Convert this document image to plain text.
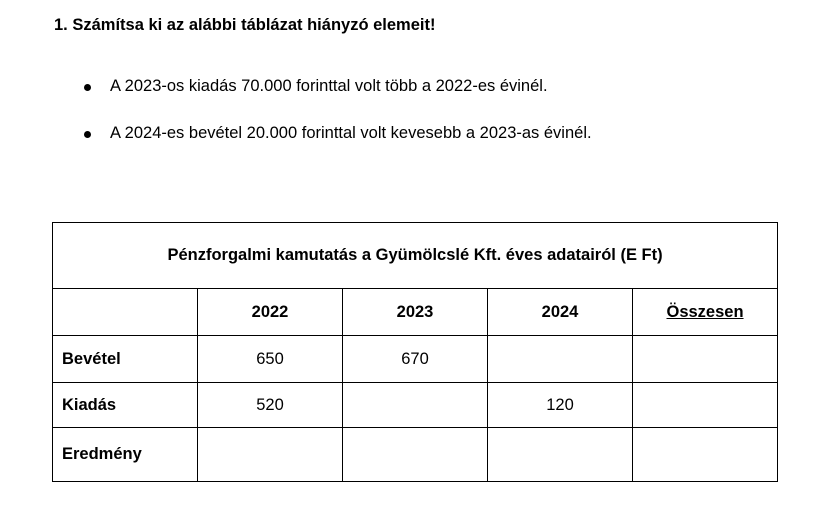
1. Számítsa ki az alábbi táblázat hiányzó elemeit!
A 2023-os kiadás 70.000 forinttal volt több a 2022-es évinél.
A 2024-es bevétel 20.000 forinttal volt kevesebb a 2023-as évinél.
Pénzforgalmi kamutatás a Gyümölcslé Kft. éves adatairól (E Ft)				
	2022	2023	2024	Összesen
Bevétel	650	670		
Kiadás	520		120	
Eredmény				
